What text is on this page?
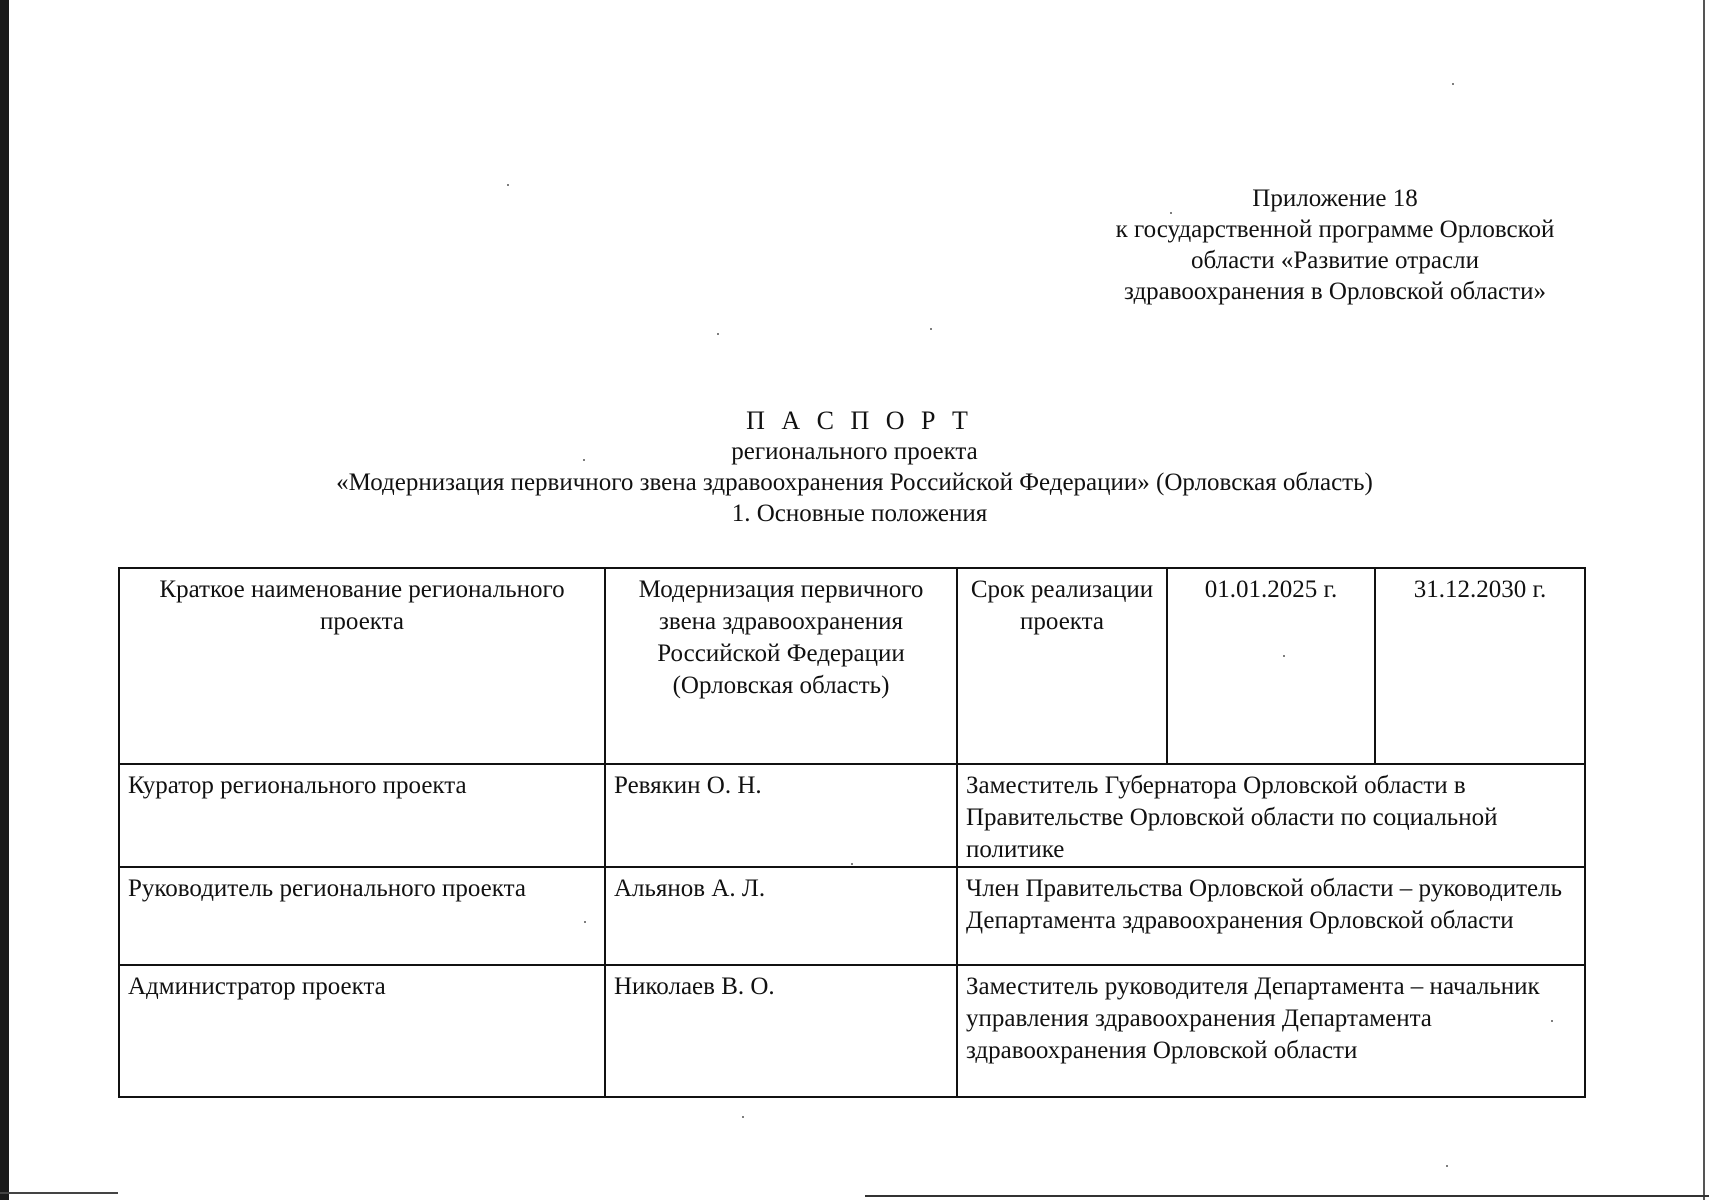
Приложение 18
к государственной программе Орловской
области «Развитие отрасли
здравоохранения в Орловской области»
П А С П О Р Т
регионального проекта
«Модернизация первичного звена здравоохранения Российской Федерации» (Орловская область)
1. Основные положения
Краткое наименование регионального проекта	Модернизация первичного звена здравоохранения Российской Федерации (Орловская область)	Срок реализации проекта	01.01.2025 г.	31.12.2030 г.
Куратор регионального проекта	Ревякин О. Н.	Заместитель Губернатора Орловской области в Правительстве Орловской области по социальной политике		
Руководитель регионального проекта	Альянов А. Л.	Член Правительства Орловской области – руководитель Департамента здравоохранения Орловской области		
Администратор проекта	Николаев В. О.	Заместитель руководителя Департамента – начальник управления здравоохранения Департамента здравоохранения Орловской области		
